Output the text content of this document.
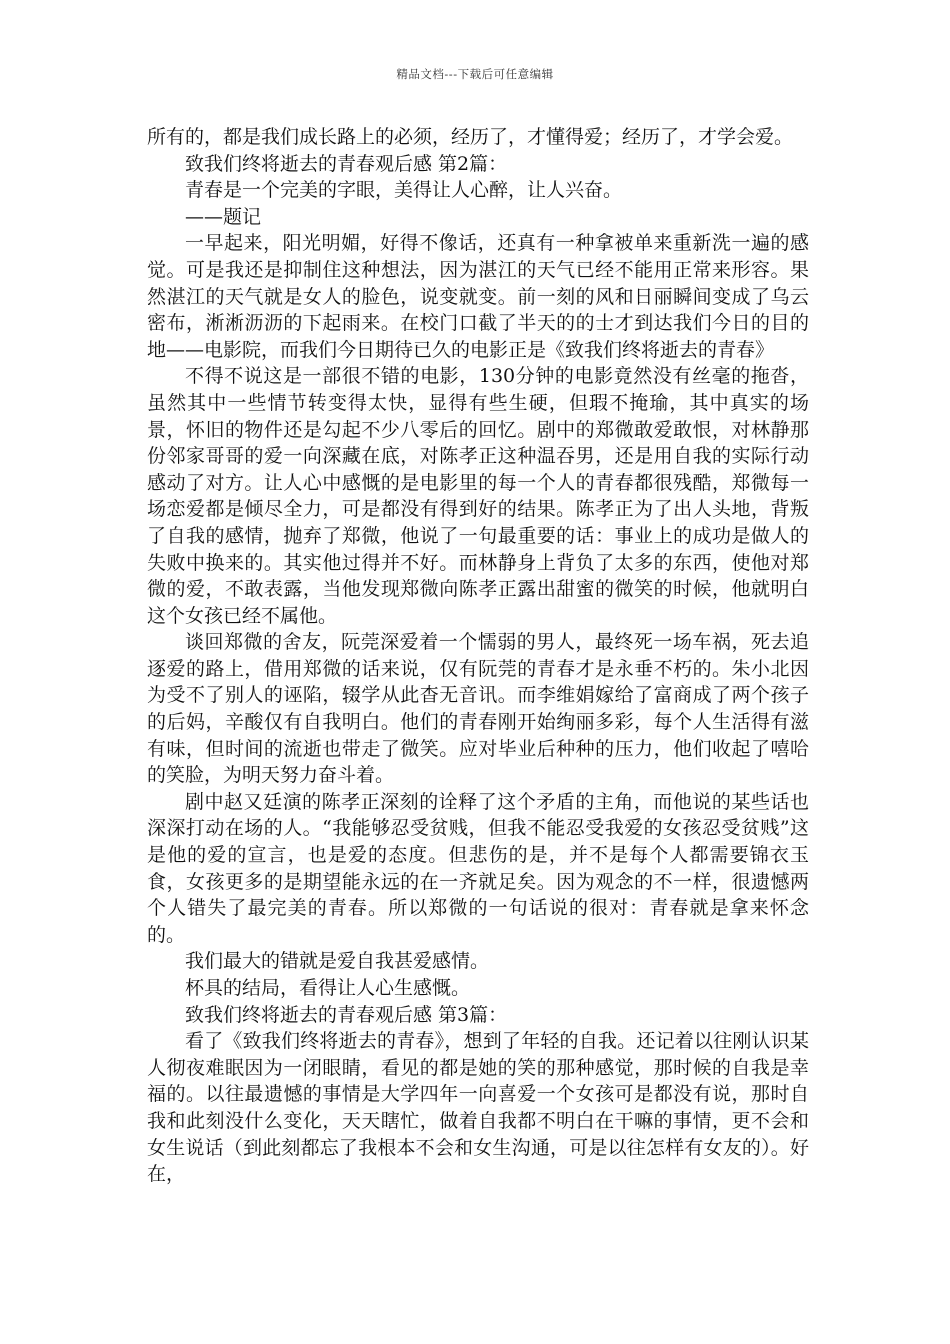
精品文档---下载后可任意编辑

所有的，都是我们成长路上的必须，经历了，才懂得爱；经历了，才学会爱。

致我们终将逝去的青春观后感 第2篇：

青春是一个完美的字眼，美得让人心醉，让人兴奋。

——题记

一早起来，阳光明媚，好得不像话，还真有一种拿被单来重新洗一遍的感觉。可是我还是抑制住这种想法，因为湛江的天气已经不能用正常来形容。果然湛江的天气就是女人的脸色，说变就变。前一刻的风和日丽瞬间变成了乌云密布，淅淅沥沥的下起雨来。在校门口截了半天的的士才到达我们今日的目的地——电影院，而我们今日期待已久的电影正是《致我们终将逝去的青春》

不得不说这是一部很不错的电影，130分钟的电影竟然没有丝毫的拖沓，虽然其中一些情节转变得太快，显得有些生硬，但瑕不掩瑜，其中真实的场景，怀旧的物件还是勾起不少八零后的回忆。剧中的郑微敢爱敢恨，对林静那份邻家哥哥的爱一向深藏在底，对陈孝正这种温吞男，还是用自我的实际行动感动了对方。让人心中感慨的是电影里的每一个人的青春都很残酷，郑微每一场恋爱都是倾尽全力，可是都没有得到好的结果。陈孝正为了出人头地，背叛了自我的感情，抛弃了郑微，他说了一句最重要的话：事业上的成功是做人的失败中换来的。其实他过得并不好。而林静身上背负了太多的东西，使他对郑微的爱，不敢表露，当他发现郑微向陈孝正露出甜蜜的微笑的时候，他就明白这个女孩已经不属他。

谈回郑微的舍友，阮莞深爱着一个懦弱的男人，最终死一场车祸，死去追逐爱的路上，借用郑微的话来说，仅有阮莞的青春才是永垂不朽的。朱小北因为受不了别人的诬陷，辍学从此杳无音讯。而李维娟嫁给了富商成了两个孩子的后妈，辛酸仅有自我明白。他们的青春刚开始绚丽多彩，每个人生活得有滋有味，但时间的流逝也带走了微笑。应对毕业后种种的压力，他们收起了嘻哈的笑脸，为明天努力奋斗着。

剧中赵又廷演的陈孝正深刻的诠释了这个矛盾的主角，而他说的某些话也深深打动在场的人。“我能够忍受贫贱，但我不能忍受我爱的女孩忍受贫贱”这是他的爱的宣言，也是爱的态度。但悲伤的是，并不是每个人都需要锦衣玉食，女孩更多的是期望能永远的在一齐就足矣。因为观念的不一样，很遗憾两个人错失了最完美的青春。所以郑微的一句话说的很对：青春就是拿来怀念的。

我们最大的错就是爱自我甚爱感情。

杯具的结局，看得让人心生感慨。

致我们终将逝去的青春观后感 第3篇：

看了《致我们终将逝去的青春》，想到了年轻的自我。还记着以往刚认识某人彻夜难眠因为一闭眼睛，看见的都是她的笑的那种感觉，那时候的自我是幸福的。以往最遗憾的事情是大学四年一向喜爱一个女孩可是都没有说，那时自我和此刻没什么变化，天天瞎忙，做着自我都不明白在干嘛的事情，更不会和女生说话（到此刻都忘了我根本不会和女生沟通，可是以往怎样有女友的）。好在，
